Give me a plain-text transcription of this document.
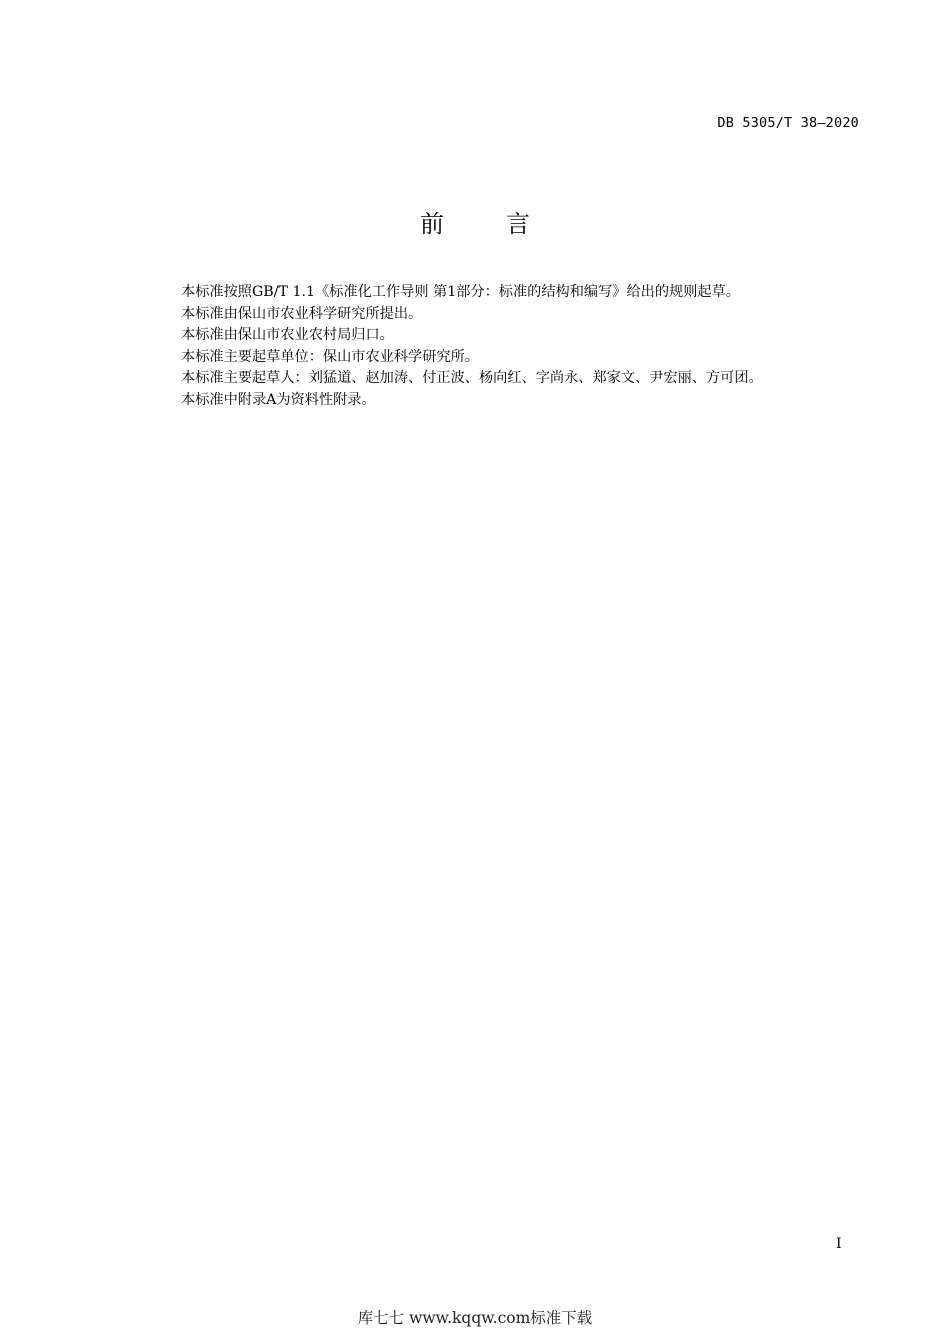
DB 5305/T 38—2020
前	言
本标准按照GB/T 1.1《标准化工作导则 第1部分：标准的结构和编写》给出的规则起草。
本标准由保山市农业科学研究所提出。
本标准由保山市农业农村局归口。
本标准主要起草单位：保山市农业科学研究所。
本标准主要起草人：刘猛道、赵加涛、付正波、杨向红、字尚永、郑家文、尹宏丽、方可团。
本标准中附录A为资料性附录。
I
库七七 www.kqqw.com标准下载
